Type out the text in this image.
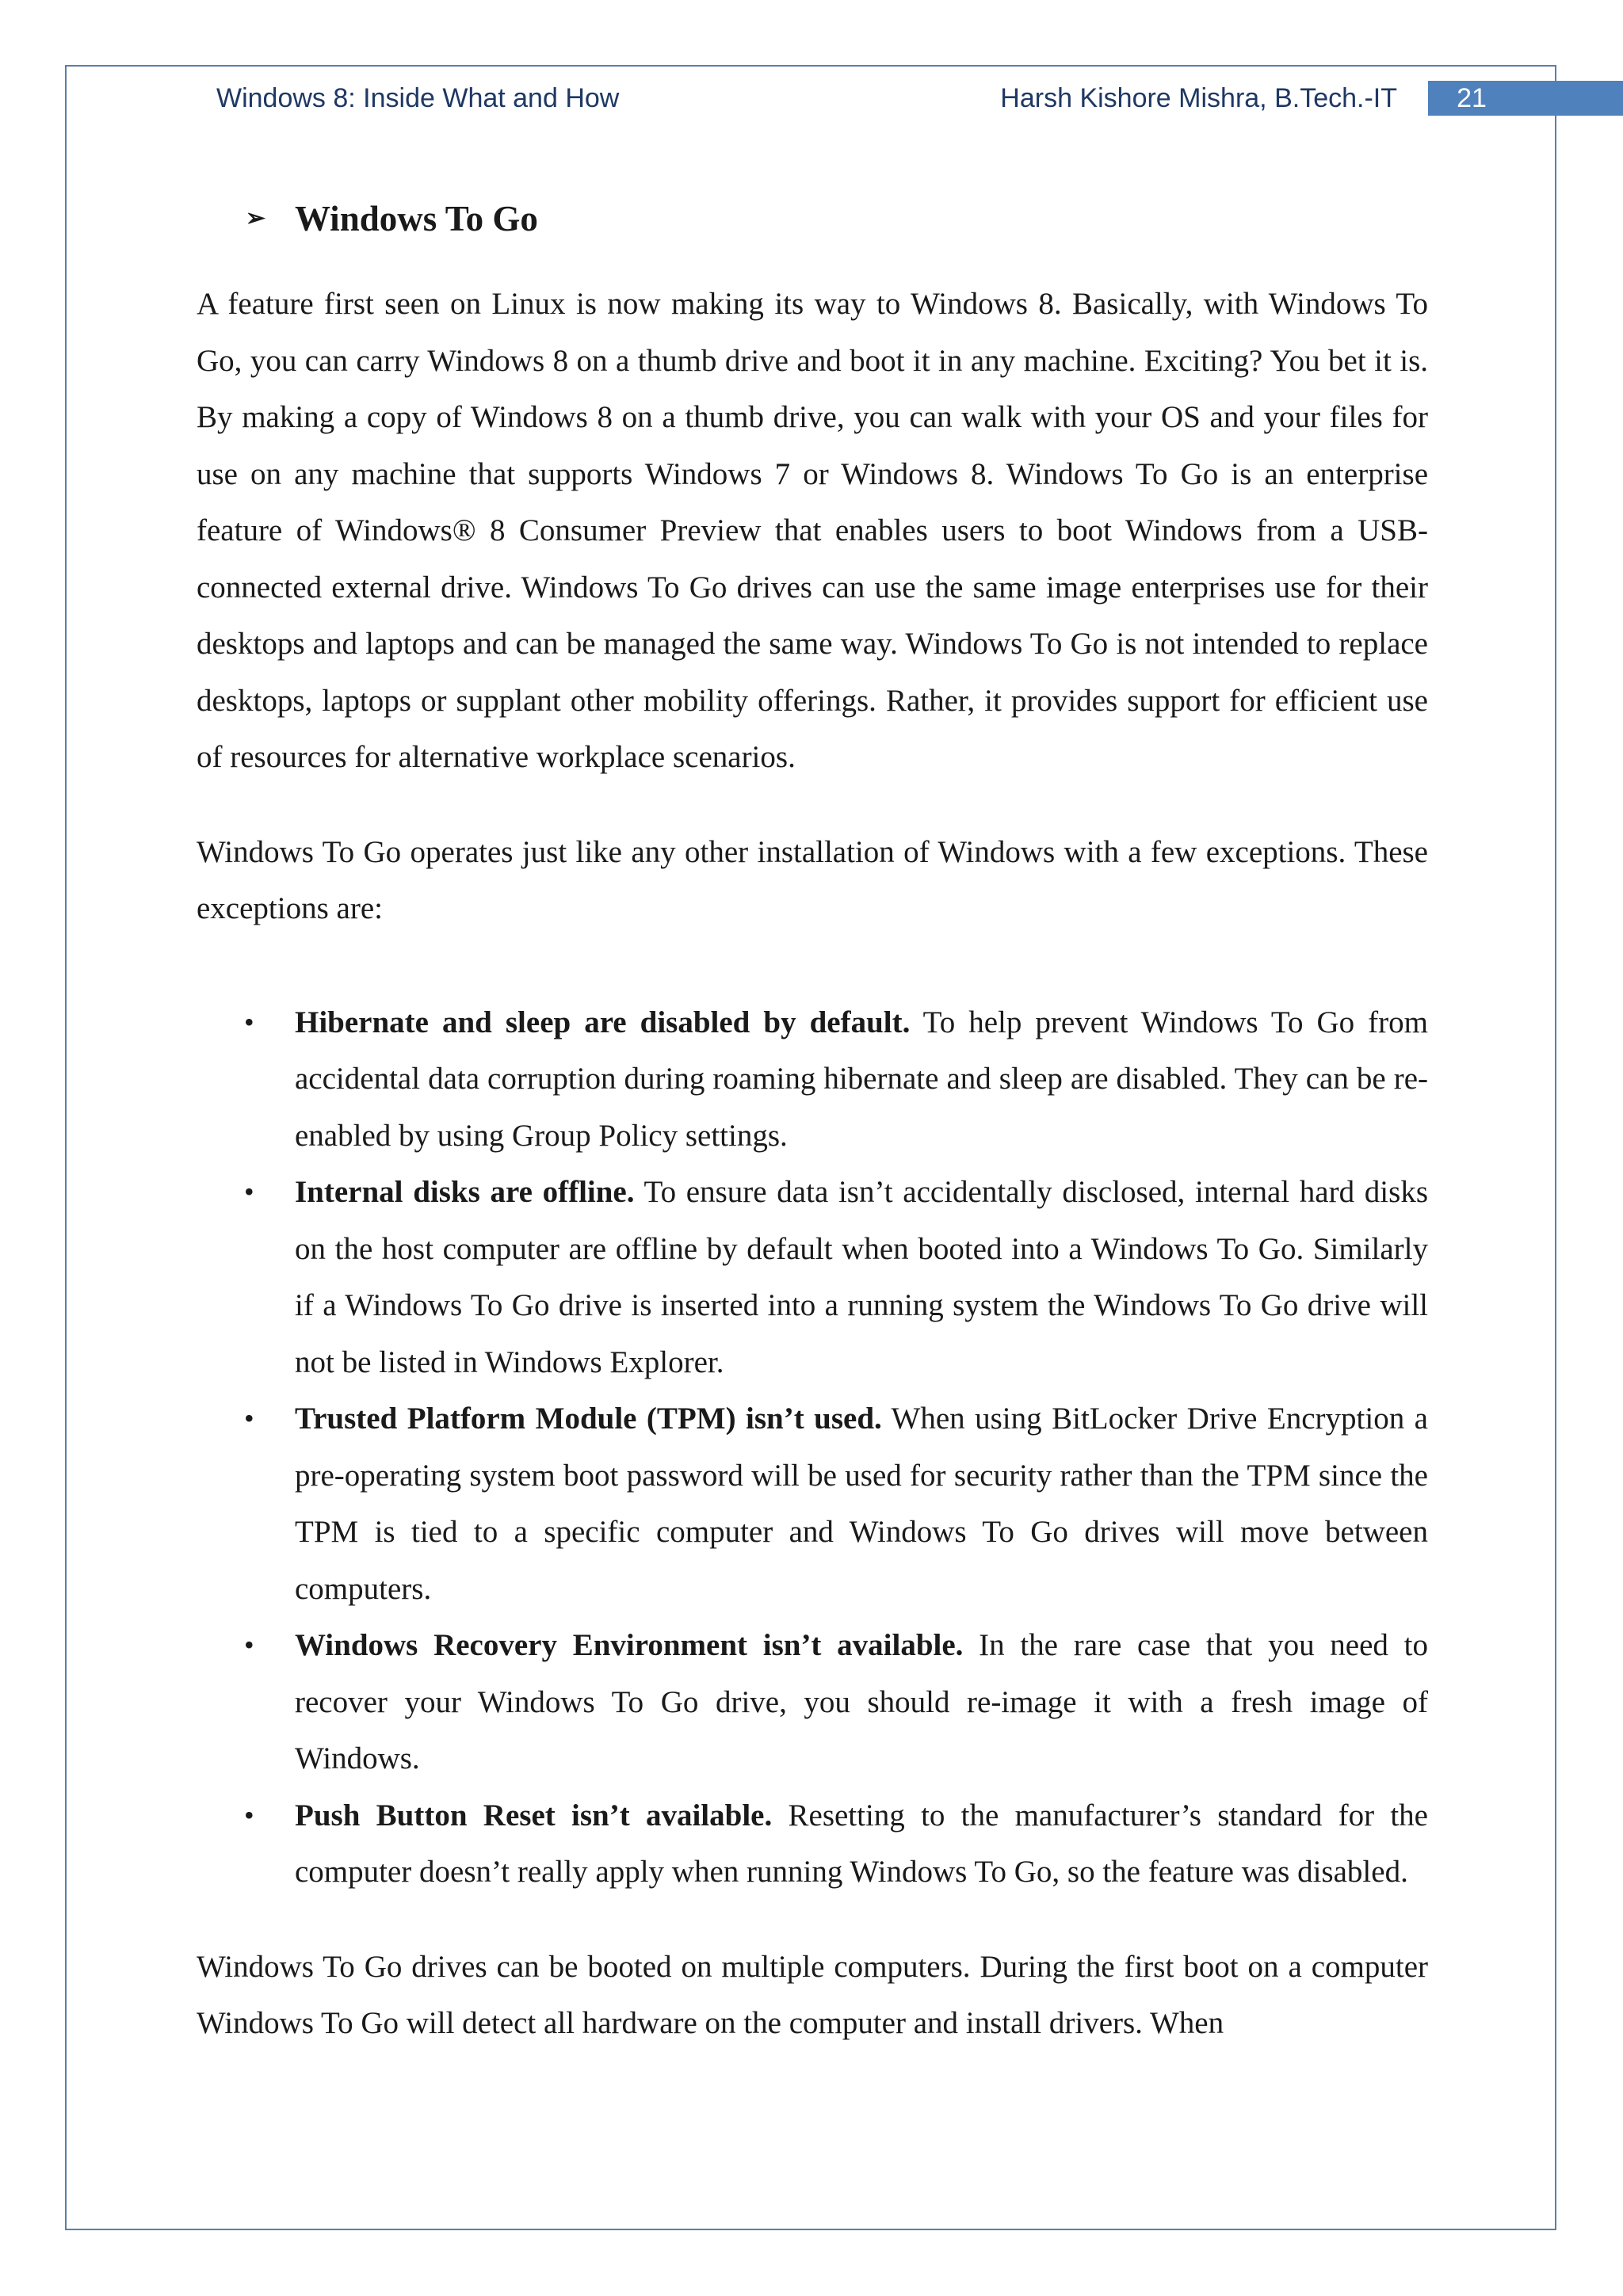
Windows 8: Inside What and How	Harsh Kishore Mishra, B.Tech.-IT	21
➢ Windows To Go

A feature first seen on Linux is now making its way to Windows 8. Basically, with Windows To Go, you can carry Windows 8 on a thumb drive and boot it in any machine. Exciting? You bet it is. By making a copy of Windows 8 on a thumb drive, you can walk with your OS and your files for use on any machine that supports Windows 7 or Windows 8. Windows To Go is an enterprise feature of Windows® 8 Consumer Preview that enables users to boot Windows from a USB-connected external drive. Windows To Go drives can use the same image enterprises use for their desktops and laptops and can be managed the same way. Windows To Go is not intended to replace desktops, laptops or supplant other mobility offerings. Rather, it provides support for efficient use of resources for alternative workplace scenarios.

Windows To Go operates just like any other installation of Windows with a few exceptions. These exceptions are:

• Hibernate and sleep are disabled by default. To help prevent Windows To Go from accidental data corruption during roaming hibernate and sleep are disabled. They can be re-enabled by using Group Policy settings.
• Internal disks are offline. To ensure data isn’t accidentally disclosed, internal hard disks on the host computer are offline by default when booted into a Windows To Go. Similarly if a Windows To Go drive is inserted into a running system the Windows To Go drive will not be listed in Windows Explorer.
• Trusted Platform Module (TPM) isn’t used. When using BitLocker Drive Encryption a pre-operating system boot password will be used for security rather than the TPM since the TPM is tied to a specific computer and Windows To Go drives will move between computers.
• Windows Recovery Environment isn’t available. In the rare case that you need to recover your Windows To Go drive, you should re-image it with a fresh image of Windows.
• Push Button Reset isn’t available. Resetting to the manufacturer’s standard for the computer doesn’t really apply when running Windows To Go, so the feature was disabled.

Windows To Go drives can be booted on multiple computers. During the first boot on a computer Windows To Go will detect all hardware on the computer and install drivers. When
